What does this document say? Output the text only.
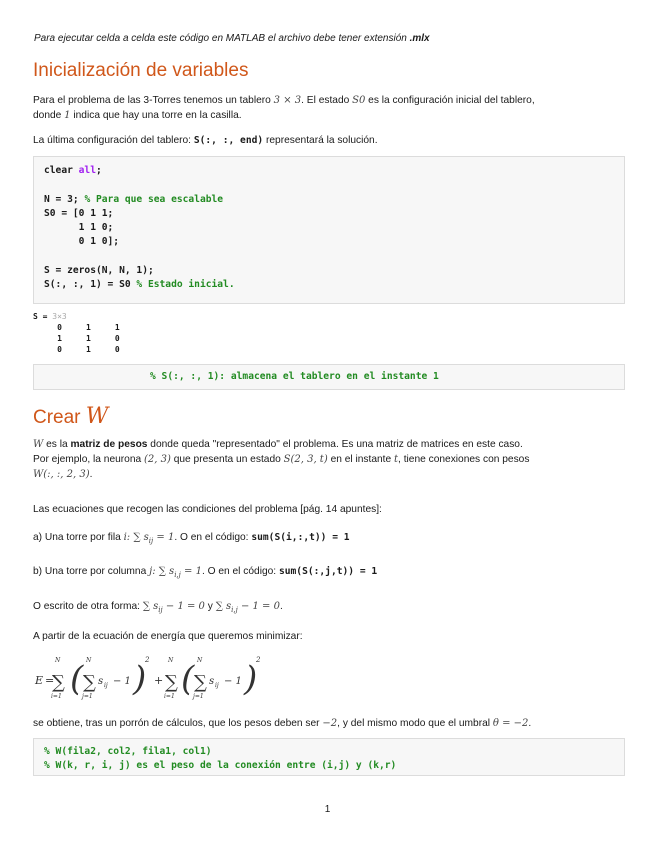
Para ejecutar celda a celda este código en MATLAB el archivo debe tener extensión .mlx
Inicialización de variables
Para el problema de las 3-Torres tenemos un tablero 3 × 3. El estado S0 es la configuración inicial del tablero,
donde 1 indica que hay una torre en la casilla.
La última configuración del tablero: S(:, :, end) representará la solución.
clear all;

N = 3; % Para que sea escalable
S0 = [0 1 1;
1 1 0;
0 1 0];

S = zeros(N, N, 1);
S(:, :, 1) = S0 % Estado inicial.
S = 3×3
0     1     1
1     1     0
0     1     0
% S(:, :, 1): almacena el tablero en el instante 1
Crear W
W es la matriz de pesos donde queda "representado" el problema. Es una matriz de matrices en este caso.
Por ejemplo, la neurona (2, 3) que presenta un estado S(2, 3, t) en el instante t, tiene conexiones con pesos
W(:, :, 2, 3).
Las ecuaciones que recogen las condiciones del problema [pág. 14 apuntes]:
a) Una torre por fila i: ∑ $s_{ij} = 1$. O en el código: sum(S(i,:,t)) = 1
b) Una torre por columna j: ∑ $s_{i,j} = 1$. O en el código: sum(S(:,j,t)) = 1
O escrito de otra forma: ∑ $s_{ij} - 1 = 0$ y ∑ $s_{i,j} - 1 = 0$.
A partir de la ecuación de energía que queremos minimizar:
E =
N
∑
i=1 ( N
∑
j=1
s ij − 1 )
2
+
N
∑
i=1 ( N
∑
j=1
s ij − 1 )
2
se obtiene, tras un porrón de cálculos, que los pesos deben ser −2, y del mismo modo que el umbral θ = −2.
% W(fila2, col2, fila1, col1)
% W(k, r, i, j) es el peso de la conexión entre (i,j) y (k,r)
1
